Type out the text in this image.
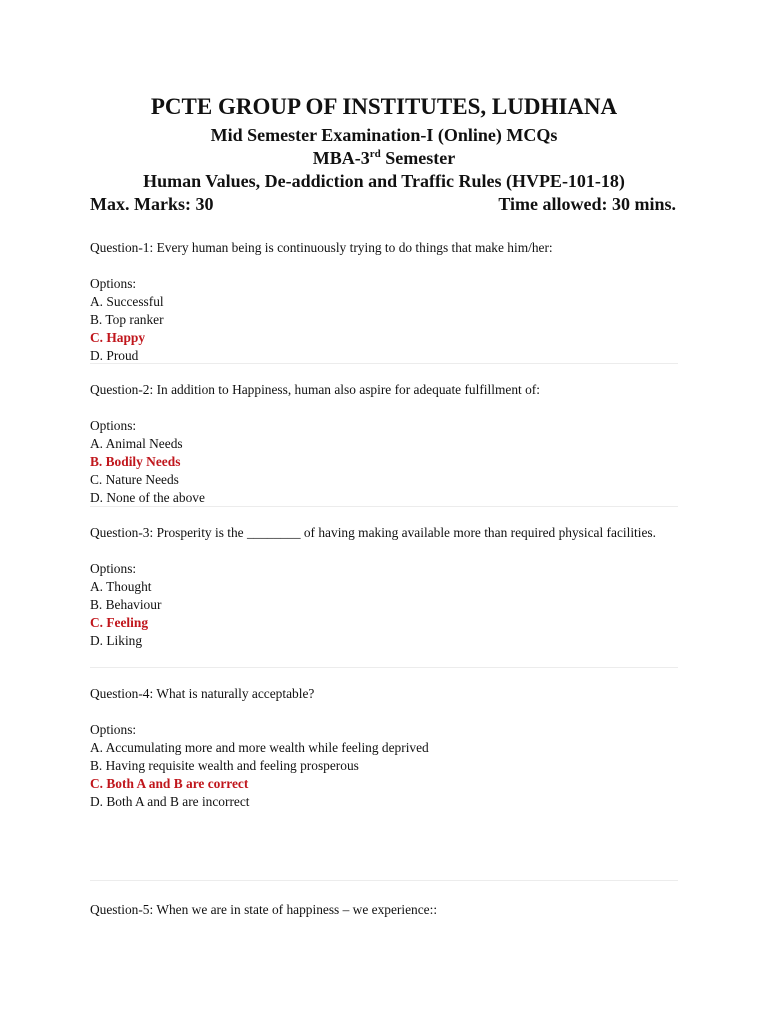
PCTE GROUP OF INSTITUTES, LUDHIANA
Mid Semester Examination-I (Online) MCQs
MBA-3rd Semester
Human Values, De-addiction and Traffic Rules (HVPE-101-18)
Max. Marks: 30	Time allowed: 30 mins.
Question-1: Every human being is continuously trying to do things that make him/her:
Options:
A. Successful
B. Top ranker
C. Happy
D. Proud
Question-2: In addition to Happiness, human also aspire for adequate fulfillment of:
Options:
A. Animal Needs
B. Bodily Needs
C. Nature Needs
D. None of the above
Question-3: Prosperity is the ________ of having making available more than required physical facilities.
Options:
A. Thought
B. Behaviour
C. Feeling
D. Liking
Question-4: What is naturally acceptable?
Options:
A. Accumulating more and more wealth while feeling deprived
B. Having requisite wealth and feeling prosperous
C. Both A and B are correct
D. Both A and B are incorrect
Question-5: When we are in state of happiness – we experience::
